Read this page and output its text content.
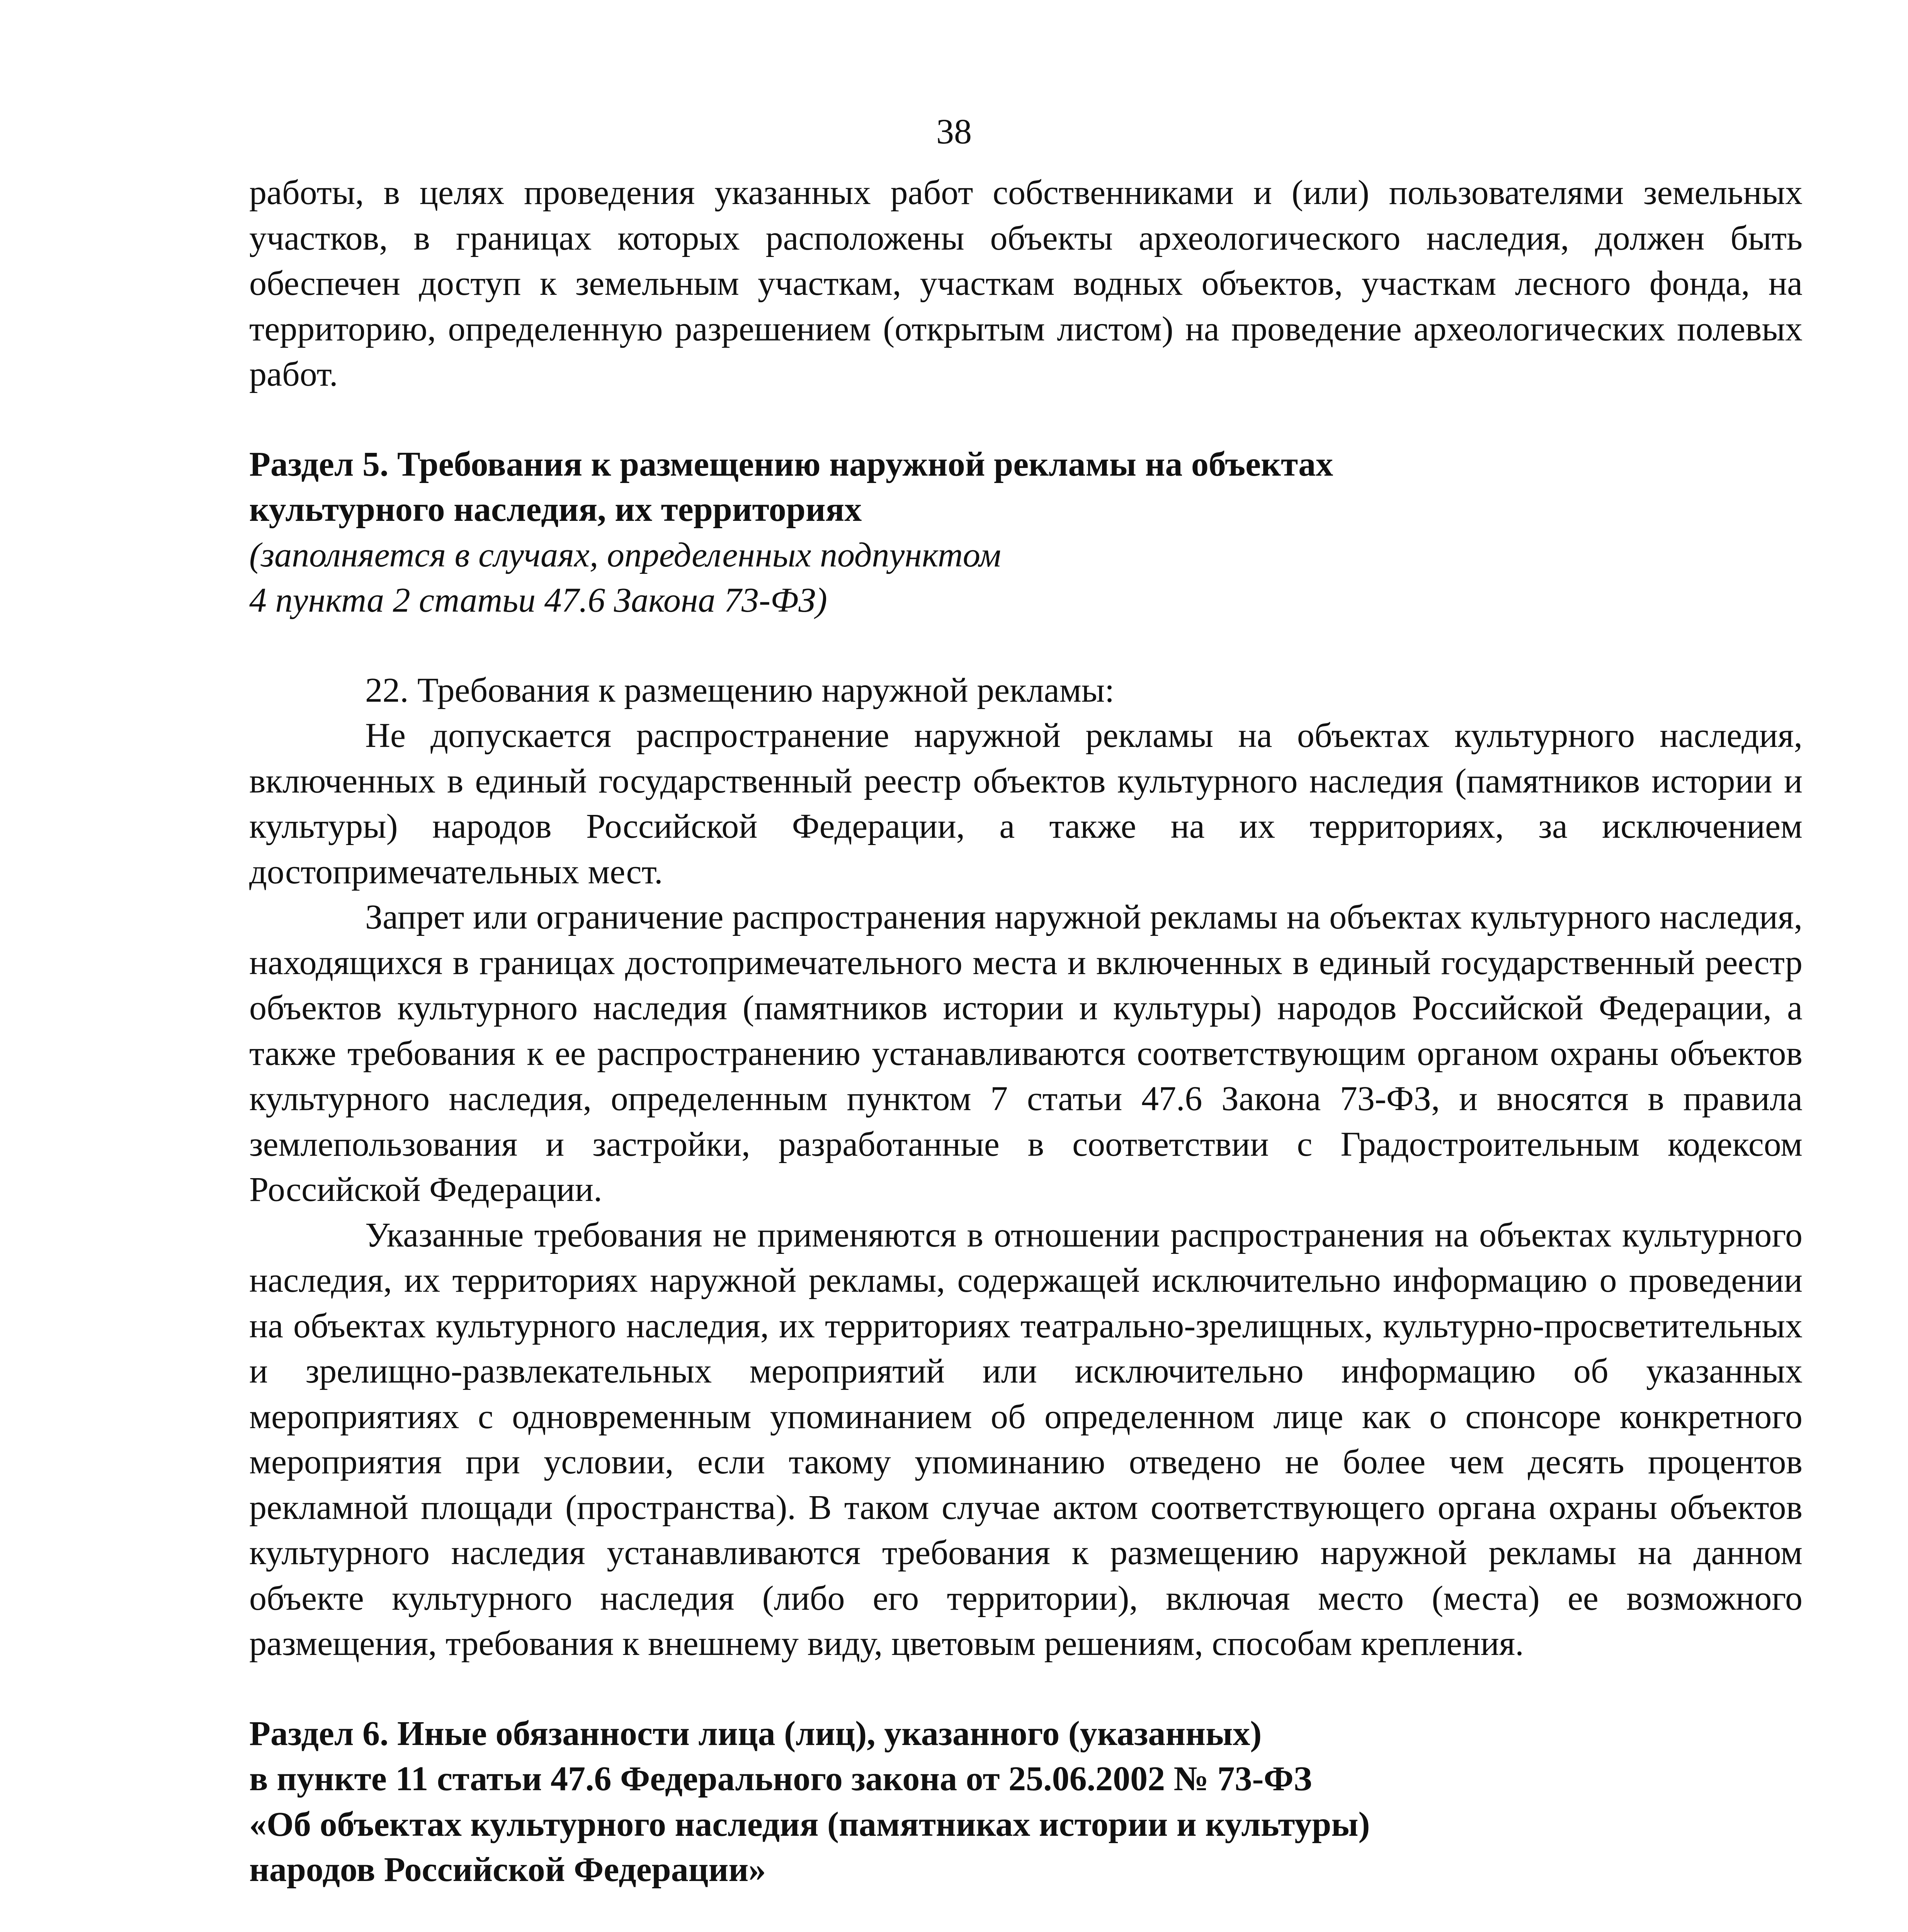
38

работы, в целях проведения указанных работ собственниками и (или) пользователями земельных участков, в границах которых расположены объекты археологического наследия, должен быть обеспечен доступ к земельным участкам, участкам водных объектов, участкам лесного фонда, на территорию, определенную разрешением (открытым листом) на проведение археологических полевых работ.

Раздел 5. Требования к размещению наружной рекламы на объектах

культурного наследия, их территориях

(заполняется в случаях, определенных подпунктом

4 пункта 2 статьи 47.6 Закона 73-ФЗ)

22. Требования к размещению наружной рекламы:

Не допускается распространение наружной рекламы на объектах культурного наследия, включенных в единый государственный реестр объектов культурного наследия (памятников истории и культуры) народов Российской Федерации, а также на их территориях, за исключением достопримечательных мест.

Запрет или ограничение распространения наружной рекламы на объектах культурного наследия, находящихся в границах достопримечательного места и включенных в единый государственный реестр объектов культурного наследия (памятников истории и культуры) народов Российской Федерации, а также требования к ее распространению устанавливаются соответствующим органом охраны объектов культурного наследия, определенным пунктом 7 статьи 47.6 Закона 73-ФЗ, и вносятся в правила землепользования и застройки, разработанные в соответствии с Градостроительным кодексом Российской Федерации.

Указанные требования не применяются в отношении распространения на объектах культурного наследия, их территориях наружной рекламы, содержащей исключительно информацию о проведении на объектах культурного наследия, их территориях театрально-зрелищных, культурно-просветительных и зрелищно-развлекательных мероприятий или исключительно информацию об указанных мероприятиях с одновременным упоминанием об определенном лице как о спонсоре конкретного мероприятия при условии, если такому упоминанию отведено не более чем десять процентов рекламной площади (пространства). В таком случае актом соответствующего органа охраны объектов культурного наследия устанавливаются требования к размещению наружной рекламы на данном объекте культурного наследия (либо его территории), включая место (места) ее возможного размещения, требования к внешнему виду, цветовым решениям, способам крепления.

Раздел 6. Иные обязанности лица (лиц), указанного (указанных)

в пункте 11 статьи 47.6 Федерального закона от 25.06.2002 № 73-ФЗ

«Об объектах культурного наследия (памятниках истории и культуры)

народов Российской Федерации»
